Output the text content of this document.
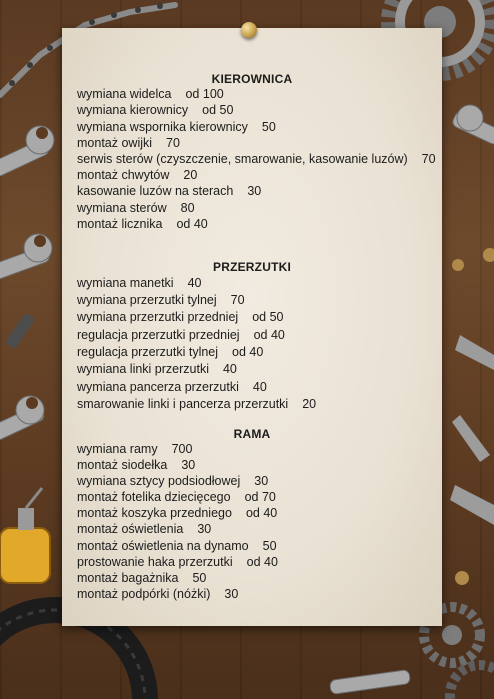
KIEROWNICA
wymiana widelca od 100
wymiana kierownicy od 50
wymiana wspornika kierownicy 50
montaż owijki 70
serwis sterów (czyszczenie, smarowanie, kasowanie luzów) 70
montaż chwytów 20
kasowanie luzów na sterach 30
wymiana sterów 80
montaż licznika od 40
PRZERZUTKI
wymiana manetki 40
wymiana przerzutki tylnej 70
wymiana przerzutki przedniej od 50
regulacja przerzutki przedniej od 40
regulacja przerzutki tylnej od 40
wymiana linki przerzutki 40
wymiana pancerza przerzutki 40
smarowanie linki i pancerza przerzutki 20
RAMA
wymiana ramy 700
montaż siodełka 30
wymiana sztycy podsiodłowej 30
montaż fotelika dziecięcego od 70
montaż koszyka przedniego od 40
montaż oświetlenia 30
montaż oświetlenia na dynamo 50
prostowanie haka przerzutki od 40
montaż bagażnika 50
montaż podpórki (nóżki) 30
